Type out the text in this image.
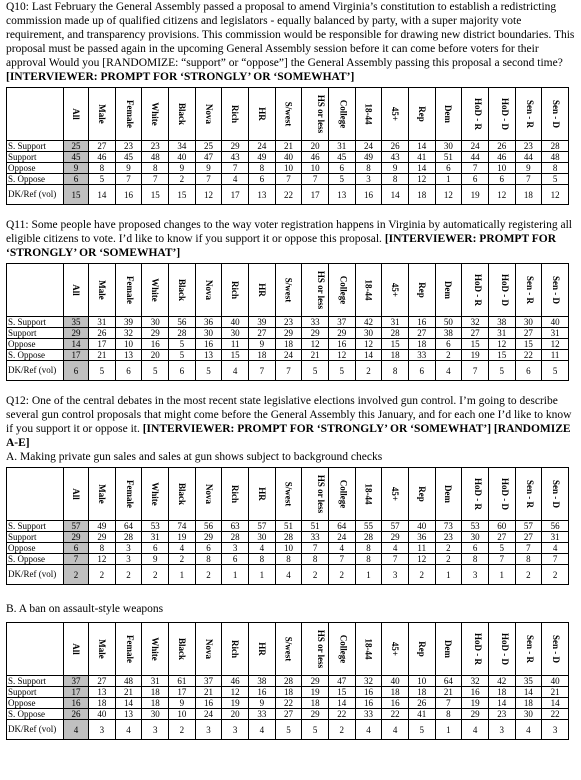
Q10: Last February the General Assembly passed a proposal to amend Virginia’s constitution to establish a redistricting commission made up of qualified citizens and legislators - equally balanced by party, with a super majority vote requirement, and transparency provisions. This commission would be responsible for drawing new district boundaries. This proposal must be passed again in the upcoming General Assembly session before it can come before voters for their approval Would you [RANDOMIZE: “support” or “oppose”] the General Assembly passing this proposal a second time? [INTERVIEWER: PROMPT FOR ‘STRONGLY’ OR ‘SOMEWHAT’]

	All	Male	Female	White	Black	Nova	Rich	HR	S/west	HS or less	College	18-44	45+	Rep	Dem	HoD - R	HoD - D	Sen - R	Sen - D
S. Support	25	27	23	23	34	25	29	24	21	20	31	24	26	14	30	24	26	23	28
Support	45	46	45	48	40	47	43	49	40	46	45	49	43	41	51	44	46	44	48
Oppose	9	8	9	8	9	9	7	8	10	10	6	8	9	14	6	7	10	9	8
S. Oppose	6	5	7	7	2	7	4	6	7	7	5	3	8	12	1	6	6	7	5
DK/Ref (vol)	15	14	16	15	15	12	17	13	22	17	13	16	14	18	12	19	12	18	12

Q11: Some people have proposed changes to the way voter registration happens in Virginia by automatically registering all eligible citizens to vote. I’d like to know if you support it or oppose this proposal. [INTERVIEWER: PROMPT FOR ‘STRONGLY’ OR ‘SOMEWHAT’]

	All	Male	Female	White	Black	Nova	Rich	HR	S/west	HS or less	College	18-44	45+	Rep	Dem	HoD - R	HoD - D	Sen - R	Sen - D
S. Support	35	31	39	30	56	36	40	39	23	33	37	42	31	16	50	32	38	30	40
Support	29	26	32	29	28	30	30	27	29	29	29	30	28	27	38	27	31	27	31
Oppose	14	17	10	16	5	16	11	9	18	12	16	12	15	18	6	15	12	15	12
S. Oppose	17	21	13	20	5	13	15	18	24	21	12	14	18	33	2	19	15	22	11
DK/Ref (vol)	6	5	6	5	6	5	4	7	7	5	5	2	8	6	4	7	5	6	5

Q12: One of the central debates in the most recent state legislative elections involved gun control. I’m going to describe several gun control proposals that might come before the General Assembly this January, and for each one I’d like to know if you support it or oppose it. [INTERVIEWER: PROMPT FOR ‘STRONGLY’ OR ‘SOMEWHAT’] [RANDOMIZE A-E]

A. Making private gun sales and sales at gun shows subject to background checks

	All	Male	Female	White	Black	Nova	Rich	HR	S/west	HS or less	College	18-44	45+	Rep	Dem	HoD - R	HoD - D	Sen - R	Sen - D
S. Support	57	49	64	53	74	56	63	57	51	51	64	55	57	40	73	53	60	57	56
Support	29	29	28	31	19	29	28	30	28	33	24	28	29	36	23	30	27	27	31
Oppose	6	8	3	6	4	6	3	4	10	7	4	8	4	11	2	6	5	7	4
S. Oppose	7	12	3	9	2	8	6	8	8	8	7	8	7	12	2	8	7	8	7
DK/Ref (vol)	2	2	2	2	1	2	1	1	4	2	2	1	3	2	1	3	1	2	2

B. A ban on assault-style weapons

	All	Male	Female	White	Black	Nova	Rich	HR	S/west	HS or less	College	18-44	45+	Rep	Dem	HoD - R	HoD - D	Sen - R	Sen - D
S. Support	37	27	48	31	61	37	46	38	28	29	47	32	40	10	64	32	42	35	40
Support	17	13	21	18	17	21	12	16	18	19	15	16	18	18	21	16	18	14	21
Oppose	16	18	14	18	9	16	19	9	22	18	14	16	16	26	7	19	14	18	14
S. Oppose	26	40	13	30	10	24	20	33	27	29	22	33	22	41	8	29	23	30	22
DK/Ref (vol)	4	3	4	3	2	3	3	4	5	5	2	4	4	5	1	4	3	4	3
